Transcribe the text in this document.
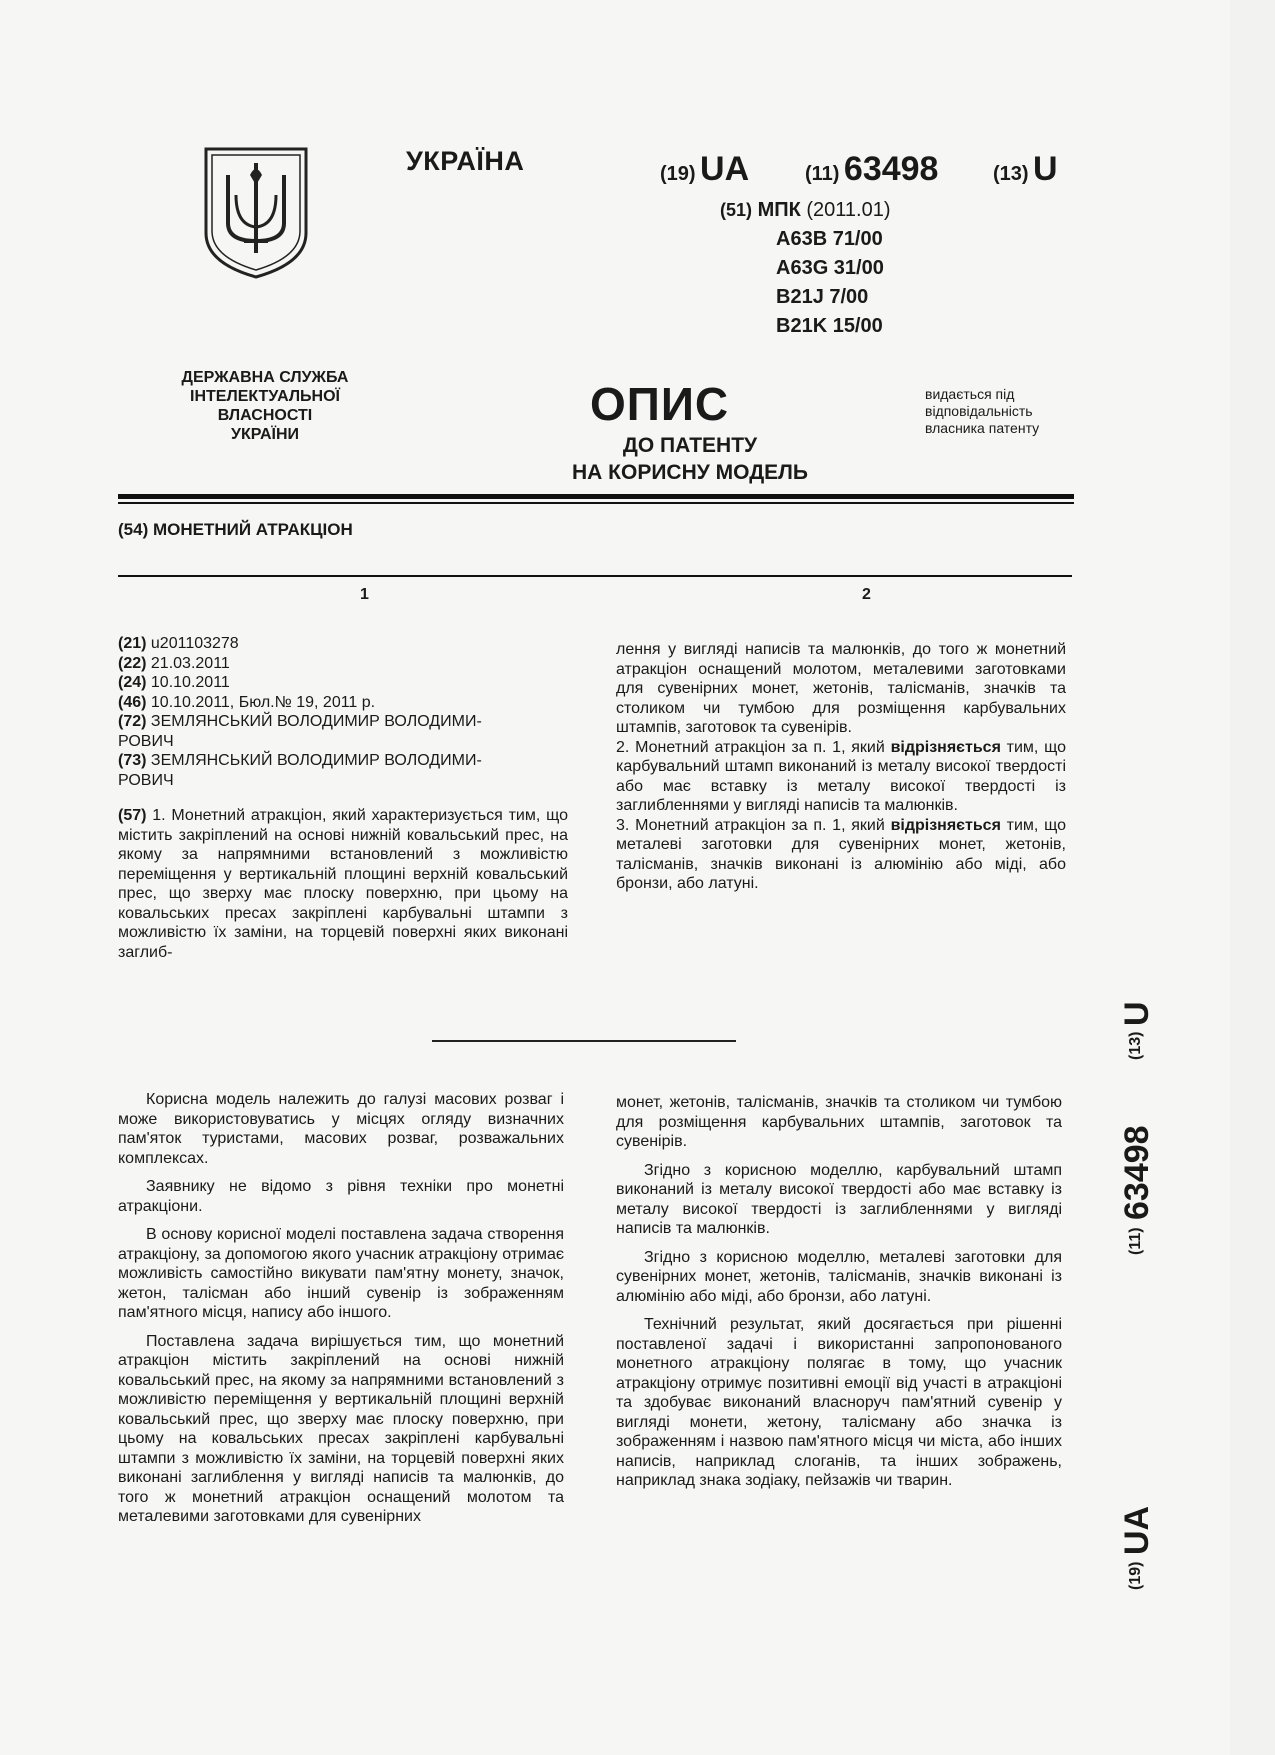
УКРАЇНА	(19) UA	(11) 63498	(13) U
(51) МПК (2011.01)
A63B 71/00
A63G 31/00
B21J 7/00
B21K 15/00
ДЕРЖАВНА СЛУЖБА
ІНТЕЛЕКТУАЛЬНОЇ
ВЛАСНОСТІ
УКРАЇНИ
ОПИС
ДО ПАТЕНТУ
НА КОРИСНУ МОДЕЛЬ
видається під відповідальність власника патенту
(54) МОНЕТНИЙ АТРАКЦІОН
1	2
(21) u201103278
(22) 21.03.2011
(24) 10.10.2011
(46) 10.10.2011, Бюл.№ 19, 2011 р.
(72) ЗЕМЛЯНСЬКИЙ ВОЛОДИМИР ВОЛОДИМИ-
РОВИЧ
(73) ЗЕМЛЯНСЬКИЙ ВОЛОДИМИР ВОЛОДИМИ-
РОВИЧ
(57) 1. Монетний атракціон, який характеризується тим, що містить закріплений на основі нижній ковальський прес, на якому за напрямними встановлений з можливістю переміщення у вертикальній площині верхній ковальський прес, що зверху має плоску поверхню, при цьому на ковальських пресах закріплені карбувальні штампи з можливістю їх заміни, на торцевій поверхні яких виконані заглиб-

лення у вигляді написів та малюнків, до того ж монетний атракціон оснащений молотом, металевими заготовками для сувенірних монет, жетонів, талісманів, значків та столиком чи тумбою для розміщення карбувальних штампів, заготовок та сувенірів.

2. Монетний атракціон за п. 1, який відрізняється тим, що карбувальний штамп виконаний із металу високої твердості або має вставку із металу високої твердості із заглибленнями у вигляді написів та малюнків.

3. Монетний атракціон за п. 1, який відрізняється тим, що металеві заготовки для сувенірних монет, жетонів, талісманів, значків виконані із алюмінію або міді, або бронзи, або латуні.

Корисна модель належить до галузі масових розваг і може використовуватись у місцях огляду визначних пам'яток туристами, масових розваг, розважальних комплексах.

Заявнику не відомо з рівня техніки про монетні атракціони.

В основу корисної моделі поставлена задача створення атракціону, за допомогою якого учасник атракціону отримає можливість самостійно викувати пам'ятну монету, значок, жетон, талісман або інший сувенір із зображенням пам'ятного місця, напису або іншого.

Поставлена задача вирішується тим, що монетний атракціон містить закріплений на основі нижній ковальський прес, на якому за напрямними встановлений з можливістю переміщення у вертикальній площині верхній ковальський прес, що зверху має плоску поверхню, при цьому на ковальських пресах закріплені карбувальні штампи з можливістю їх заміни, на торцевій поверхні яких виконані заглиблення у вигляді написів та малюнків, до того ж монетний атракціон оснащений молотом та металевими заготовками для сувенірних

монет, жетонів, талісманів, значків та столиком чи тумбою для розміщення карбувальних штампів, заготовок та сувенірів.

Згідно з корисною моделлю, карбувальний штамп виконаний із металу високої твердості або має вставку із металу високої твердості із заглибленнями у вигляді написів та малюнків.

Згідно з корисною моделлю, металеві заготовки для сувенірних монет, жетонів, талісманів, значків виконані із алюмінію або міді, або бронзи, або латуні.

Технічний результат, який досягається при рішенні поставленої задачі і використанні запропонованого монетного атракціону полягає в тому, що учасник атракціону отримує позитивні емоції від участі в атракціоні та здобуває виконаний власноруч пам'ятний сувенір у вигляді монети, жетону, талісману або значка із зображенням і назвою пам'ятного місця чи міста, або інших написів, наприклад слоганів, та інших зображень, наприклад знака зодіаку, пейзажів чи тварин.

(13)
U
(11)
63498
(19)
UA
